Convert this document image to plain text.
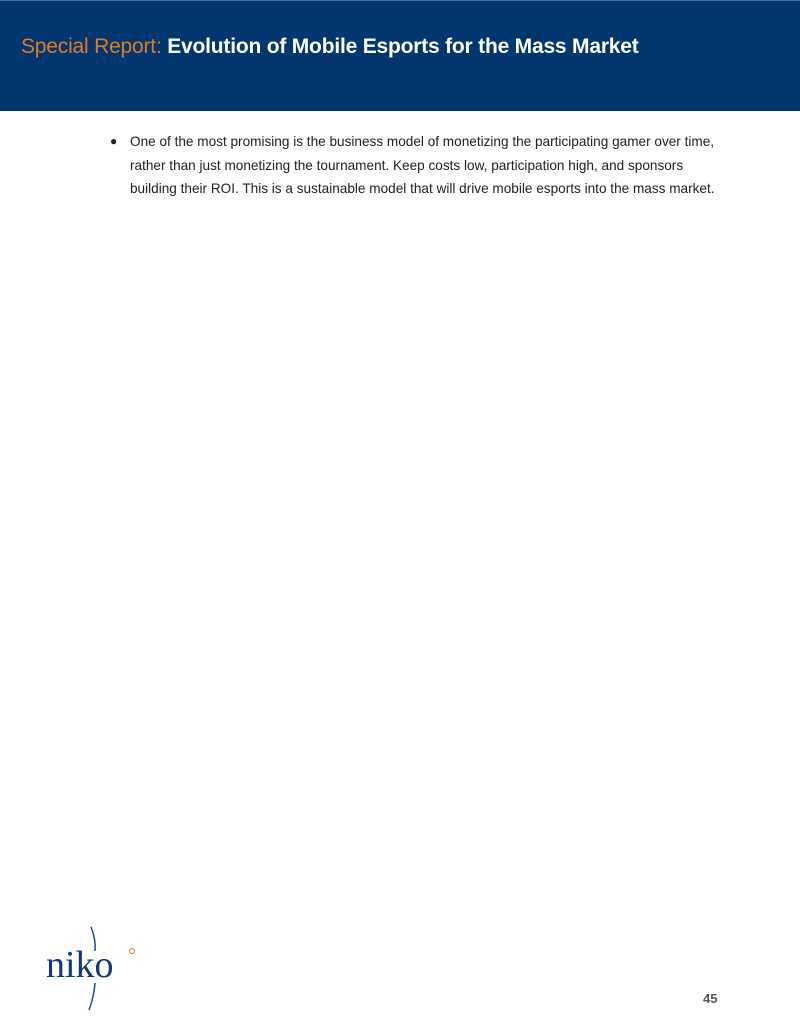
Special Report: Evolution of Mobile Esports for the Mass Market
● One of the most promising is the business model of monetizing the participating gamer over time, rather than just monetizing the tournament. Keep costs low, participation high, and sponsors building their ROI. This is a sustainable model that will drive mobile esports into the mass market.
niko
45
